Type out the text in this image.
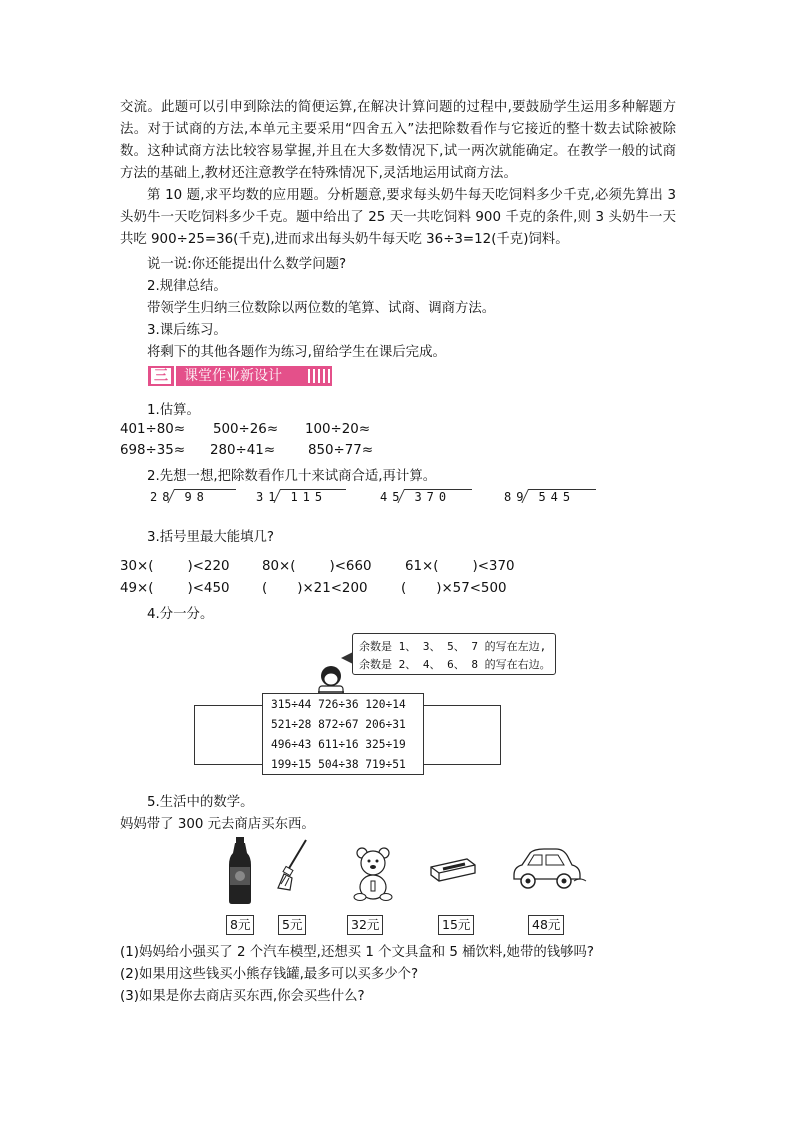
交流。此题可以引申到除法的简便运算,在解决计算问题的过程中,要鼓励学生运用多种解题方法。对于试商的方法,本单元主要采用“四舍五入”法把除数看作与它接近的整十数去试除被除数。这种试商方法比较容易掌握,并且在大多数情况下,试一两次就能确定。在教学一般的试商方法的基础上,教材还注意教学在特殊情况下,灵活地运用试商方法。
第 10 题,求平均数的应用题。分析题意,要求每头奶牛每天吃饲料多少千克,必须先算出 3 头奶牛一天吃饲料多少千克。题中给出了 25 天一共吃饲料 900 千克的条件,则 3 头奶牛一天共吃 900÷25=36(千克),进而求出每头奶牛每天吃 36÷3=12(千克)饲料。
说一说:你还能提出什么数学问题?
2.规律总结。
带领学生归纳三位数除以两位数的笔算、试商、调商方法。
3.课后练习。
将剩下的其他各题作为练习,留给学生在课后完成。
三 课堂作业新设计
1.估算。
401÷80≈ 500÷26≈ 100÷20≈
698÷35≈ 280÷41≈ 850÷77≈
2.先想一想,把除数看作几十来试商合适,再计算。
28 98	31 115	45 370	89 545
3.括号里最大能填几?
30×(	)<220 80×(	)<660	61×(	)<370
49×(	)<450 ( )×21<200	( )×57<500
4.分一分。
余数是 1、 3、 5、 7 的写在左边,
余数是 2、 4、 6、 8 的写在右边。
315÷44 726÷36 120÷14
521÷28 872÷67 206÷31
496÷43 611÷16 325÷19
199÷15 504÷38 719÷51
5.生活中的数学。
妈妈带了 300 元去商店买东西。
8元	5元	32元	15元	48元
(1)妈妈给小强买了 2 个汽车模型,还想买 1 个文具盒和 5 桶饮料,她带的钱够吗?
(2)如果用这些钱买小熊存钱罐,最多可以买多少个?
(3)如果是你去商店买东西,你会买些什么?
